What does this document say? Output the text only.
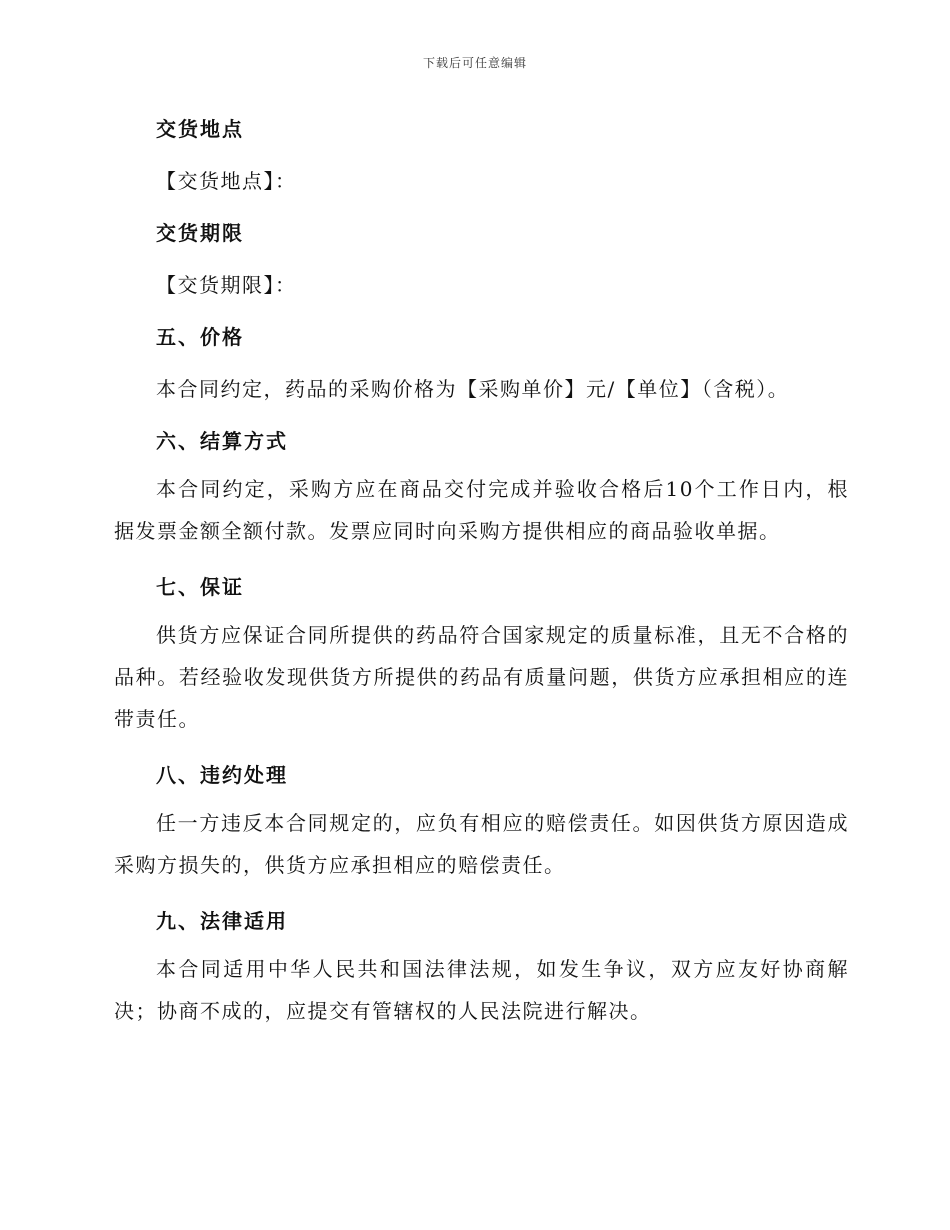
下载后可任意编辑
交货地点
【交货地点】：
交货期限
【交货期限】：
五、价格
本合同约定，药品的采购价格为【采购单价】元/【单位】（含税）。
六、结算方式
本合同约定，采购方应在商品交付完成并验收合格后10个工作日内，根据发票金额全额付款。发票应同时向采购方提供相应的商品验收单据。
七、保证
供货方应保证合同所提供的药品符合国家规定的质量标准，且无不合格的品种。若经验收发现供货方所提供的药品有质量问题，供货方应承担相应的连带责任。
八、违约处理
任一方违反本合同规定的，应负有相应的赔偿责任。如因供货方原因造成采购方损失的，供货方应承担相应的赔偿责任。
九、法律适用
本合同适用中华人民共和国法律法规，如发生争议，双方应友好协商解决；协商不成的，应提交有管辖权的人民法院进行解决。
